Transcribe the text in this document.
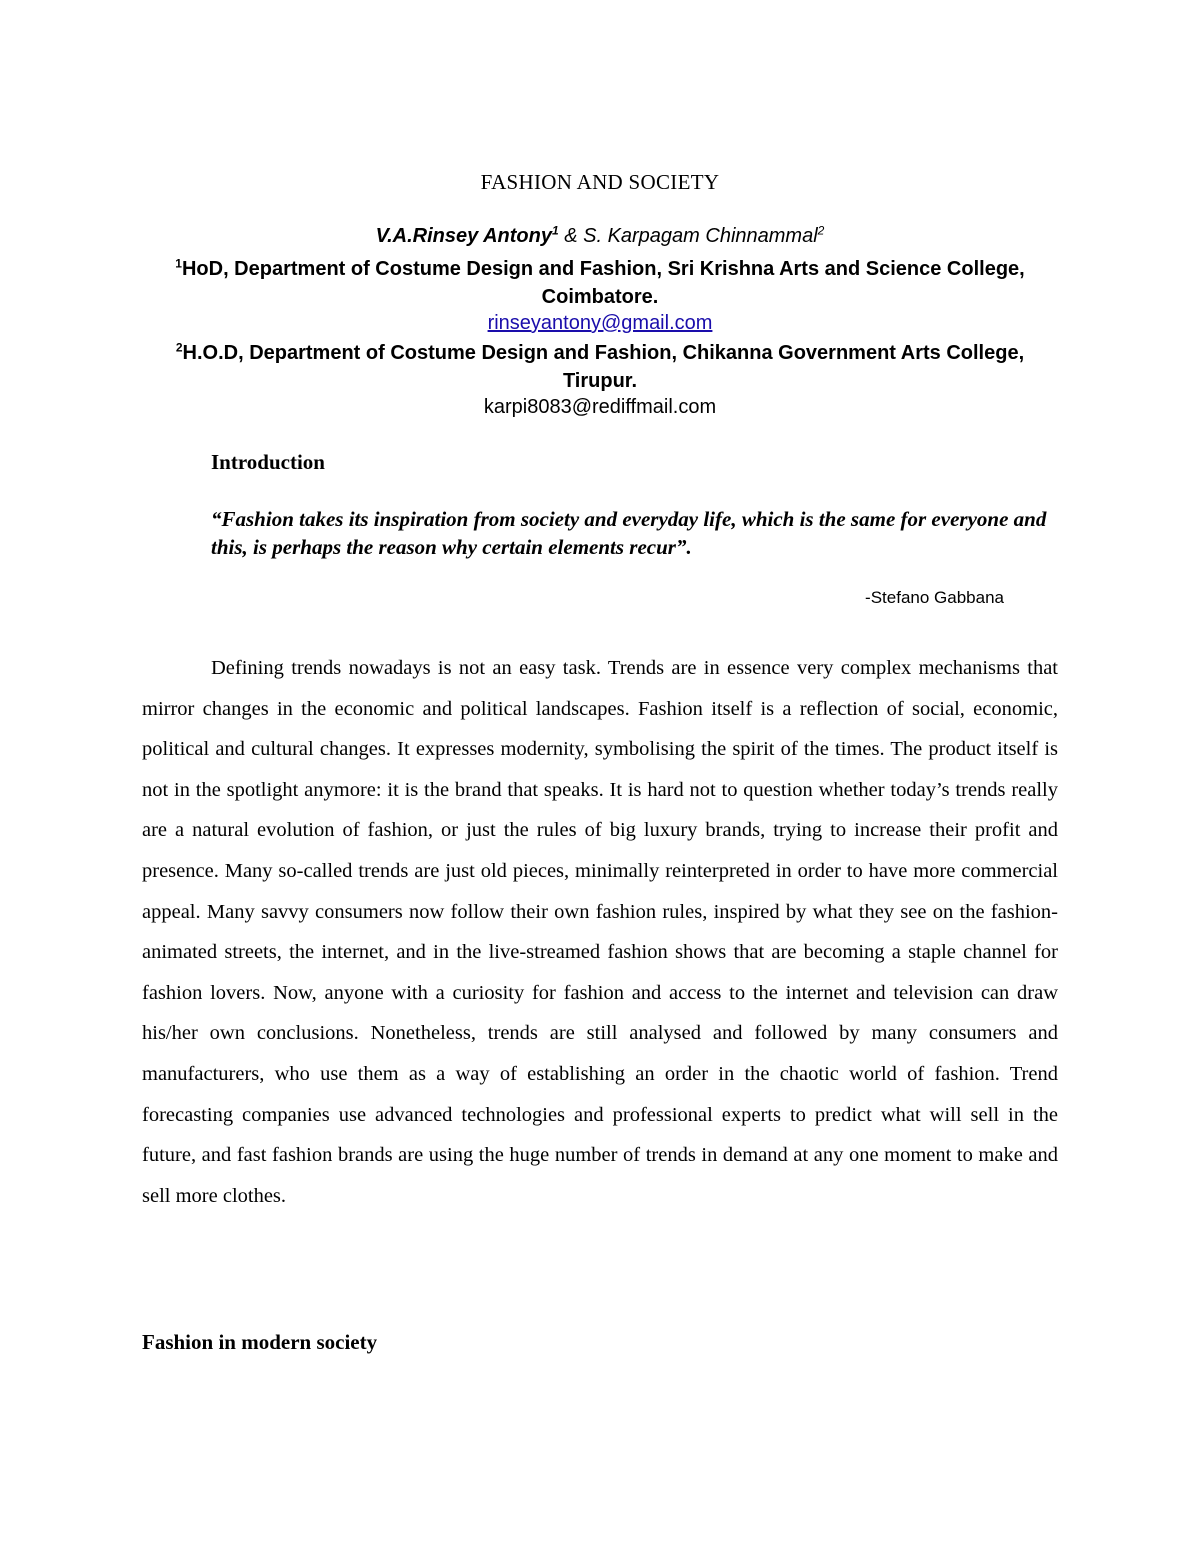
FASHION AND SOCIETY
V.A.Rinsey Antony$^1$ & S. Karpagam Chinnammal$^2$
$^1$HoD, Department of Costume Design and Fashion, Sri Krishna Arts and Science College, Coimbatore.
rinseyantony@gmail.com
$^2$H.O.D, Department of Costume Design and Fashion, Chikanna Government Arts College, Tirupur.
karpi8083@rediffmail.com
Introduction
“Fashion takes its inspiration from society and everyday life, which is the same for everyone and this, is perhaps the reason why certain elements recur”.
-Stefano Gabbana
Defining trends nowadays is not an easy task. Trends are in essence very complex mechanisms that mirror changes in the economic and political landscapes. Fashion itself is a reflection of social, economic, political and cultural changes. It expresses modernity, symbolising the spirit of the times. The product itself is not in the spotlight anymore: it is the brand that speaks. It is hard not to question whether today’s trends really are a natural evolution of fashion, or just the rules of big luxury brands, trying to increase their profit and presence. Many so-called trends are just old pieces, minimally reinterpreted in order to have more commercial appeal. Many savvy consumers now follow their own fashion rules, inspired by what they see on the fashion-animated streets, the internet, and in the live-streamed fashion shows that are becoming a staple channel for fashion lovers. Now, anyone with a curiosity for fashion and access to the internet and television can draw his/her own conclusions. Nonetheless, trends are still analysed and followed by many consumers and manufacturers, who use them as a way of establishing an order in the chaotic world of fashion. Trend forecasting companies use advanced technologies and professional experts to predict what will sell in the future, and fast fashion brands are using the huge number of trends in demand at any one moment to make and sell more clothes.
Fashion in modern society
